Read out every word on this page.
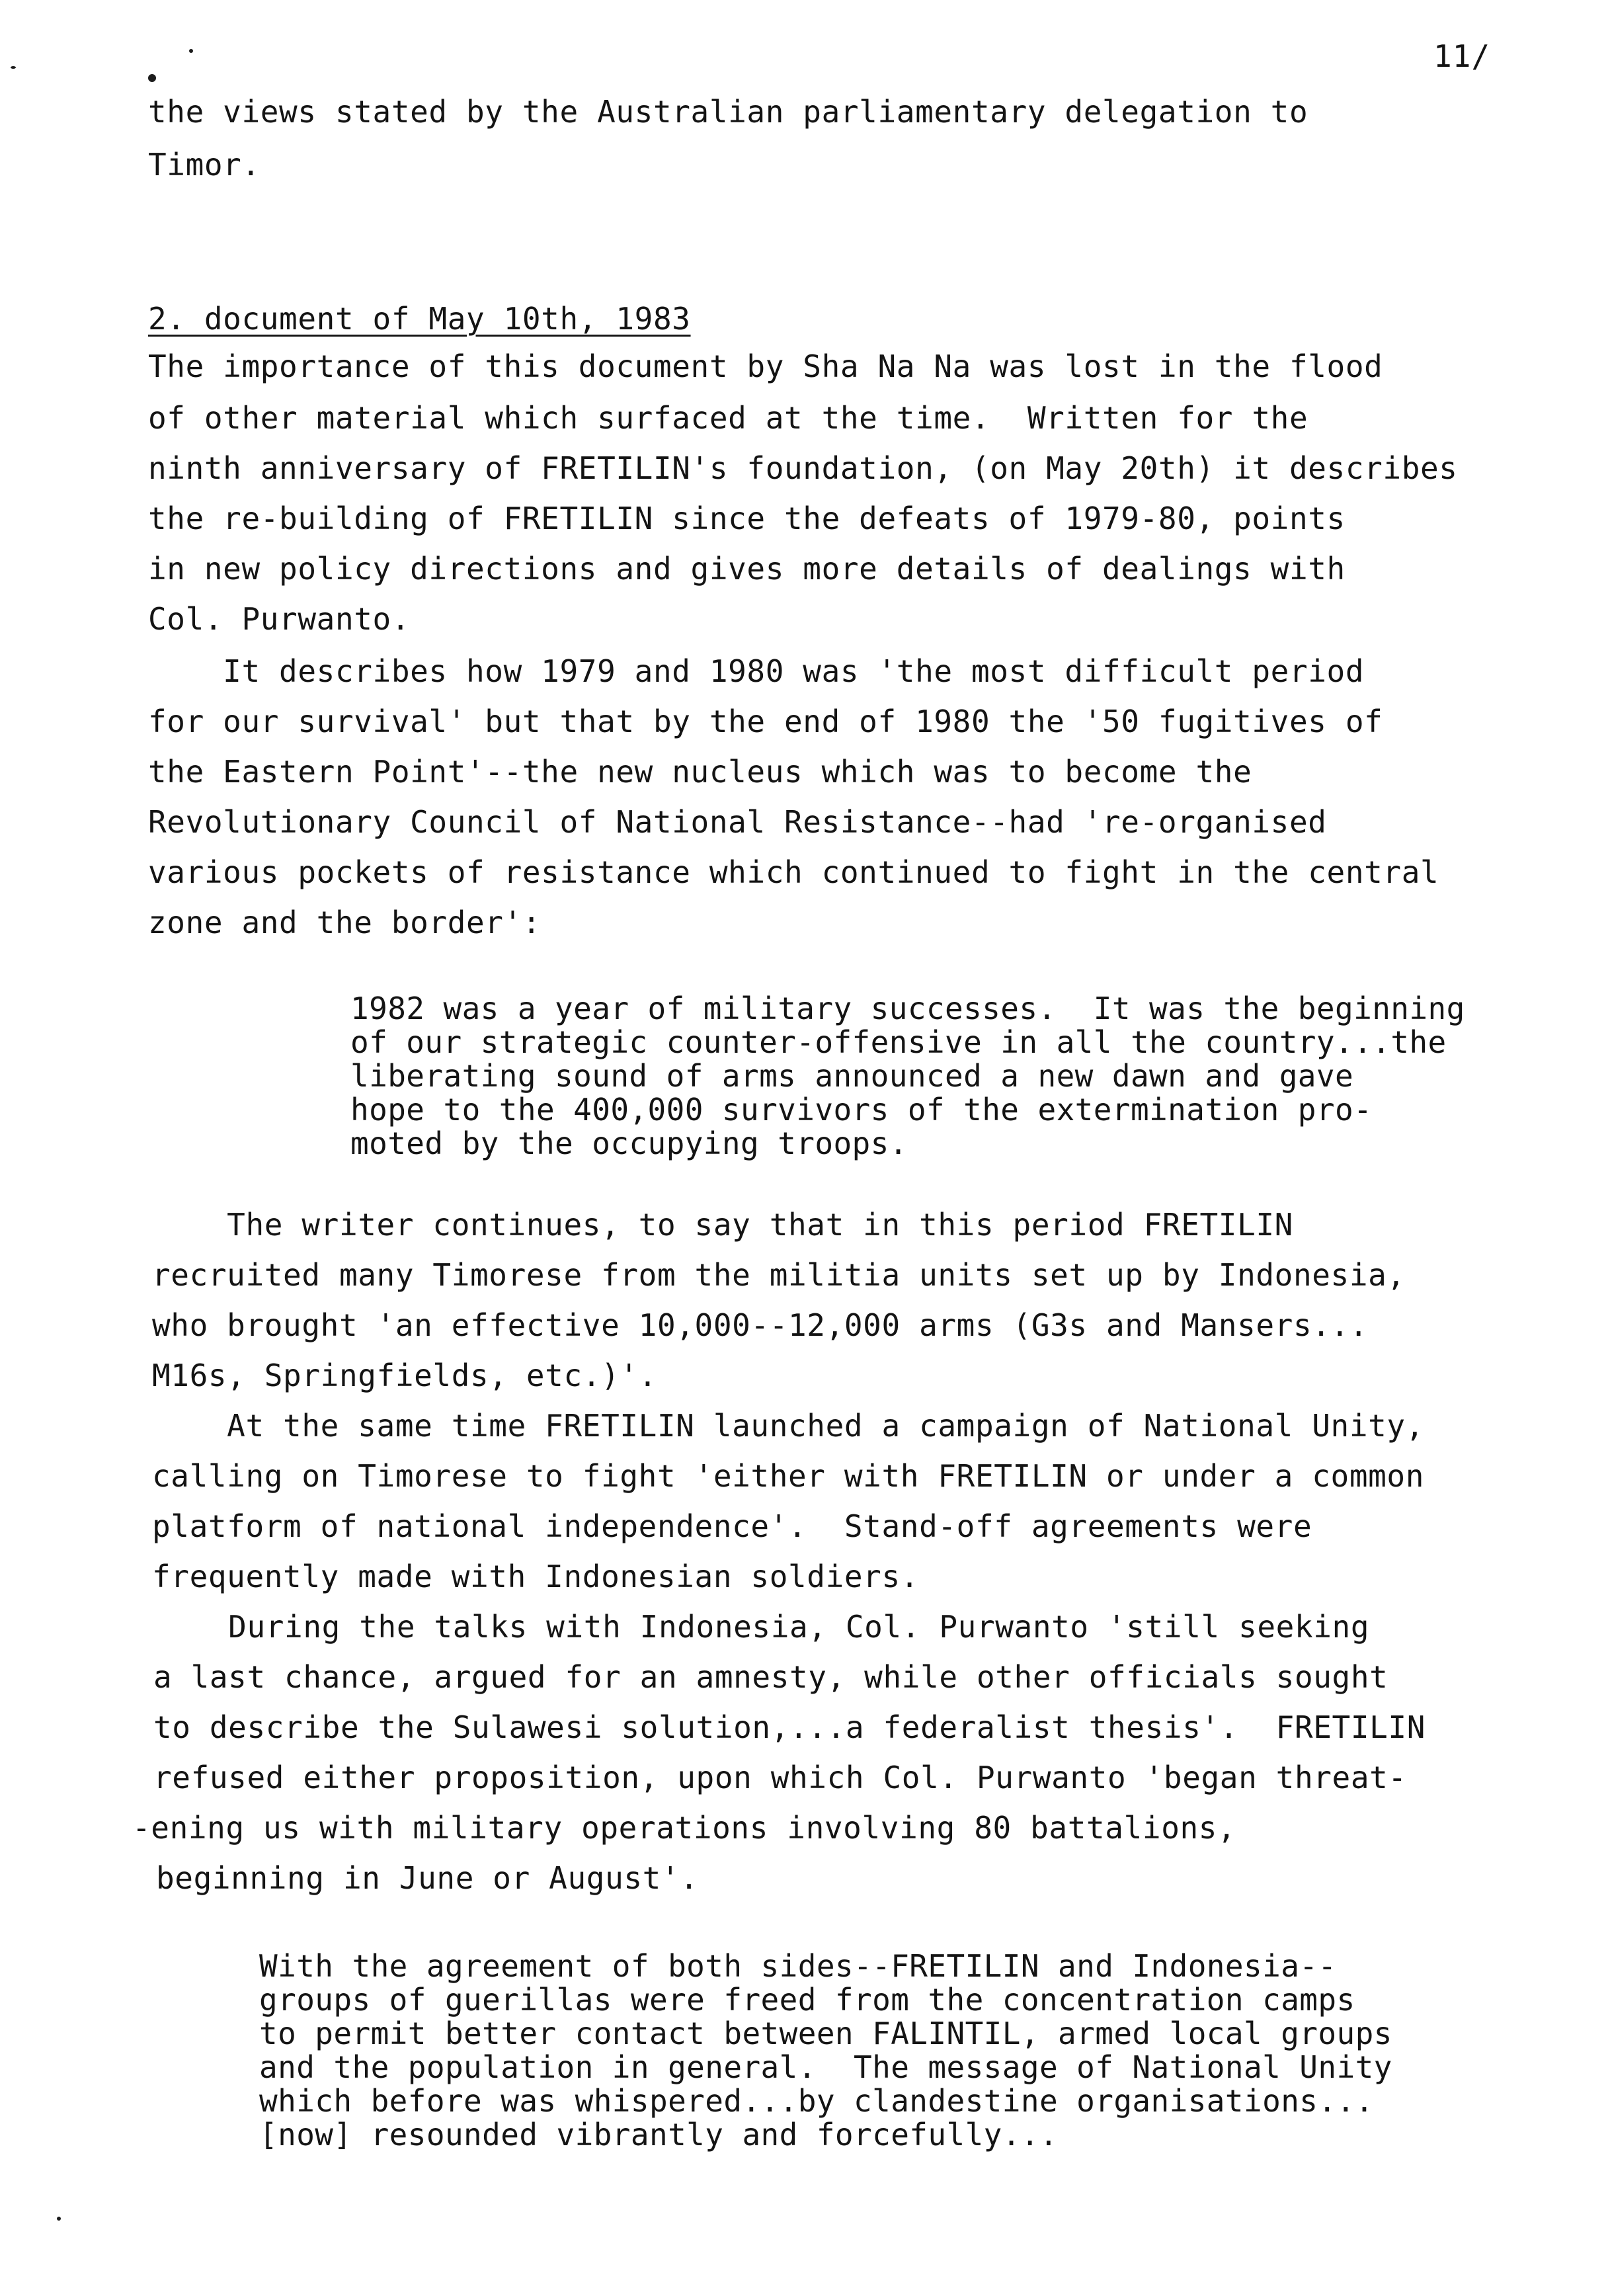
11/
the views stated by the Australian parliamentary delegation to
Timor.
2. document of May 10th, 1983
The importance of this document by Sha Na Na was lost in the flood
of other material which surfaced at the time.  Written for the
ninth anniversary of FRETILIN's foundation, (on May 20th) it describes
the re-building of FRETILIN since the defeats of 1979-80, points
in new policy directions and gives more details of dealings with
Col. Purwanto.
It describes how 1979 and 1980 was 'the most difficult period
for our survival' but that by the end of 1980 the '50 fugitives of
the Eastern Point'--the new nucleus which was to become the
Revolutionary Council of National Resistance--had 're-organised
various pockets of resistance which continued to fight in the central
zone and the border':
1982 was a year of military successes.  It was the beginning
of our strategic counter-offensive in all the country...the
liberating sound of arms announced a new dawn and gave
hope to the 400,000 survivors of the extermination pro-
moted by the occupying troops.
The writer continues, to say that in this period FRETILIN
recruited many Timorese from the militia units set up by Indonesia,
who brought 'an effective 10,000--12,000 arms (G3s and Mansers...
M16s, Springfields, etc.)'.
At the same time FRETILIN launched a campaign of National Unity,
calling on Timorese to fight 'either with FRETILIN or under a common
platform of national independence'.  Stand-off agreements were
frequently made with Indonesian soldiers.
During the talks with Indonesia, Col. Purwanto 'still seeking
a last chance, argued for an amnesty, while other officials sought
to describe the Sulawesi solution,...a federalist thesis'.  FRETILIN
refused either proposition, upon which Col. Purwanto 'began threat-
-ening us with military operations involving 80 battalions,
beginning in June or August'.
With the agreement of both sides--FRETILIN and Indonesia--
groups of guerillas were freed from the concentration camps
to permit better contact between FALINTIL, armed local groups
and the population in general.  The message of National Unity
which before was whispered...by clandestine organisations...
[now] resounded vibrantly and forcefully...
